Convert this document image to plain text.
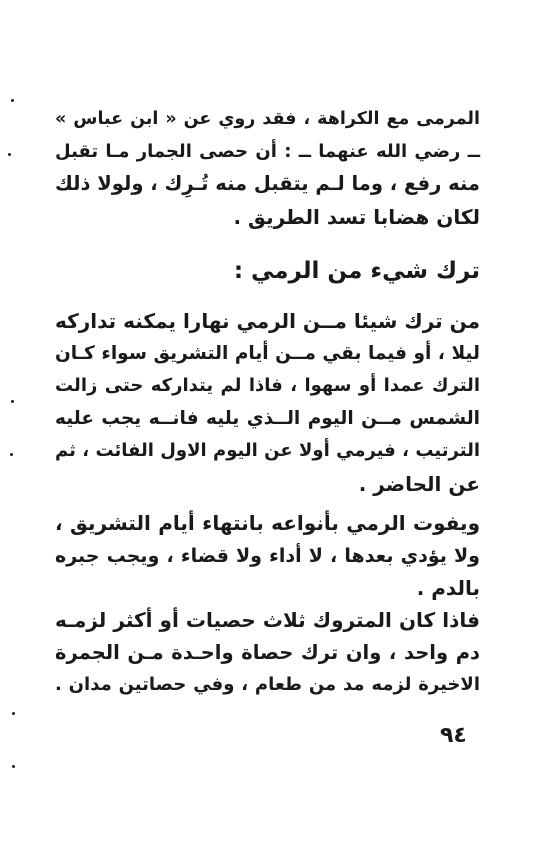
المرمى مع الكراهة ، فقد روي عن « ابن عباس »
ــ رضي الله عنهما ــ : أن حصى الجمار مـا تقبل
منه رفع ، وما لـم يتقبل منه تُـرِك ، ولولا ذلك
لكان هضابا تسد الطريق .
ترك شيء من الرمي :
من ترك شيئا مــن الرمي نهارا يمكنه تداركه
ليلا ، أو فيما بقي مــن أيام التشريق سواء كـان
الترك عمدا أو سهوا ، فاذا لم يتداركه حتى زالت
الشمس مــن اليوم الــذي يليه فانــه يجب عليه
الترتيب ، فيرمي أولا عن اليوم الاول الفائت ، ثم
عن الحاضر .
ويفوت الرمي بأنواعه بانتهاء أيام التشريق ،
ولا يؤدي بعدها ، لا أداء ولا قضاء ، ويجب جبره
بالدم .
فاذا كان المتروك ثلاث حصيات أو أكثر لزمـه
دم واحد ، وان ترك حصاة واحـدة مـن الجمرة
الاخيرة لزمه مد من طعام ، وفي حصاتين مدان .
٩٤
